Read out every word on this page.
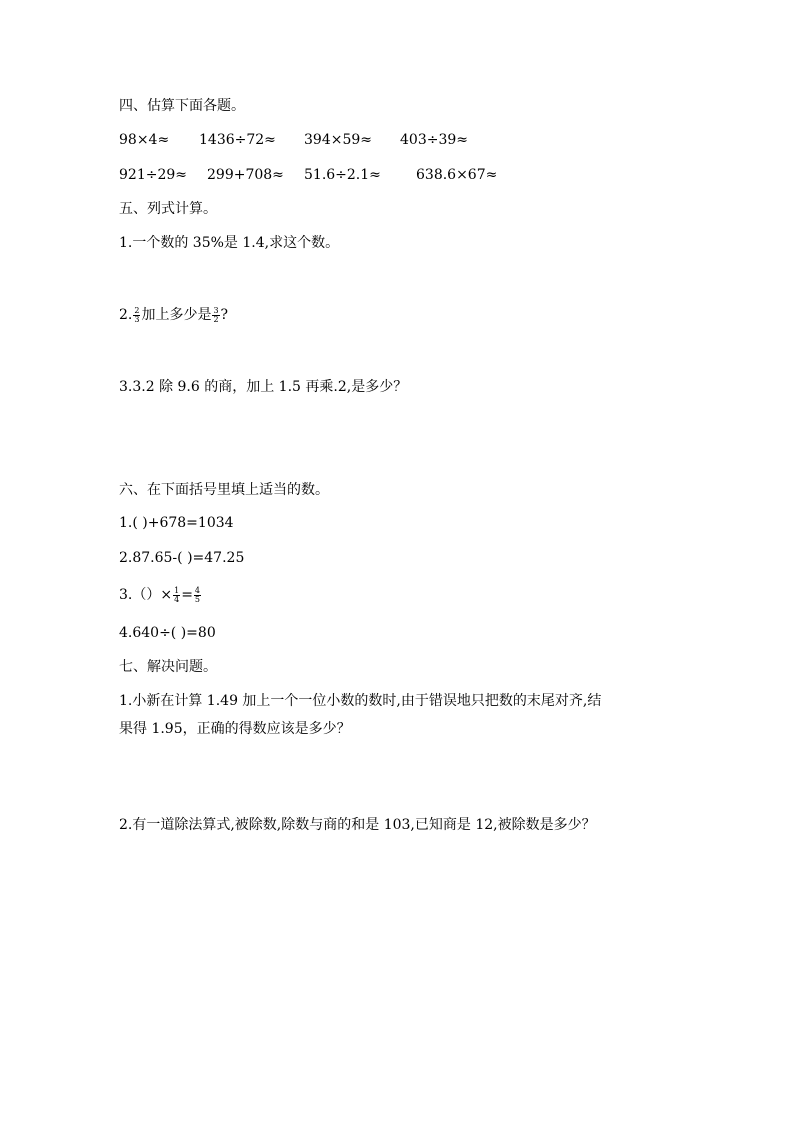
四、估算下面各题。
98×4≈ 1436÷72≈ 394×59≈ 403÷39≈
921÷29≈ 299+708≈ 51.6÷2.1≈	638.6×67≈
五、列式计算。
1.一个数的 35%是 1.4,求这个数。
2. $\frac{2}{3}$ 加上多少是 $\frac{3}{2}$ ?
3.3.2 除 9.6 的商，加上 1.5 再乘.2,是多少？
六、在下面括号里填上适当的数。
1.( )+678=1034
2.87.65-( )=47.25
$3.()\times \frac{1}{4} = \frac{4}{5}$
4.640÷( )=80
七、解决问题。
1.小新在计算 1.49 加上一个一位小数的数时,由于错误地只把数的末尾对齐,结
果得 1.95，正确的得数应该是多少？
2.有一道除法算式,被除数,除数与商的和是 103,已知商是 12,被除数是多少？
